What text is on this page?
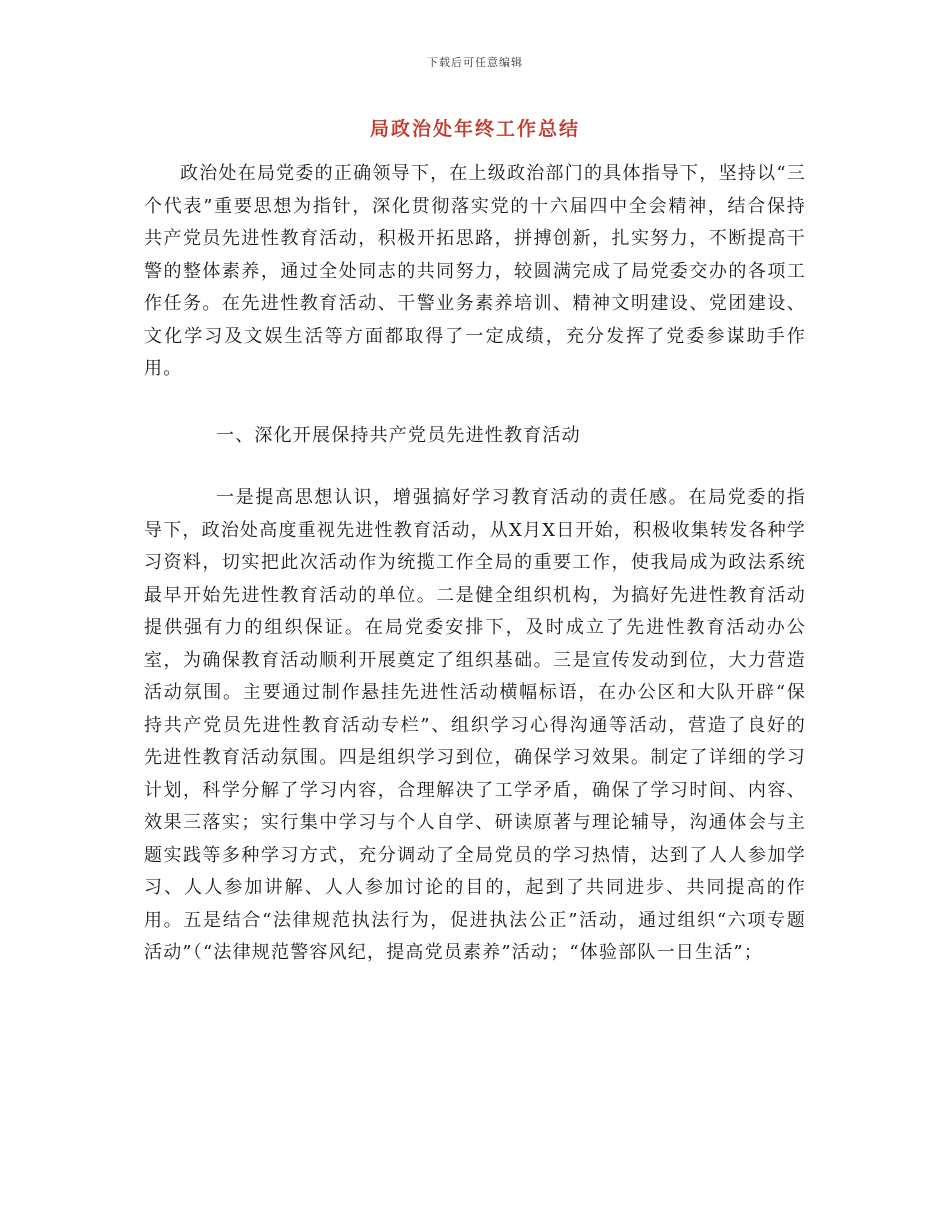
下载后可任意编辑
局政治处年终工作总结

政治处在局党委的正确领导下，在上级政治部门的具体指导下，坚持以“三个代表”重要思想为指针，深化贯彻落实党的十六届四中全会精神，结合保持共产党员先进性教育活动，积极开拓思路，拼搏创新，扎实努力，不断提高干警的整体素养，通过全处同志的共同努力，较圆满完成了局党委交办的各项工作任务。在先进性教育活动、干警业务素养培训、精神文明建设、党团建设、文化学习及文娱生活等方面都取得了一定成绩，充分发挥了党委参谋助手作用。

一、深化开展保持共产党员先进性教育活动

一是提高思想认识，增强搞好学习教育活动的责任感。在局党委的指导下，政治处高度重视先进性教育活动，从X月X日开始，积极收集转发各种学习资料，切实把此次活动作为统揽工作全局的重要工作，使我局成为政法系统最早开始先进性教育活动的单位。二是健全组织机构，为搞好先进性教育活动提供强有力的组织保证。在局党委安排下，及时成立了先进性教育活动办公室，为确保教育活动顺利开展奠定了组织基础。三是宣传发动到位，大力营造活动氛围。主要通过制作悬挂先进性活动横幅标语，在办公区和大队开辟“保持共产党员先进性教育活动专栏”、组织学习心得沟通等活动，营造了良好的先进性教育活动氛围。四是组织学习到位，确保学习效果。制定了详细的学习计划，科学分解了学习内容，合理解决了工学矛盾，确保了学习时间、内容、效果三落实；实行集中学习与个人自学、研读原著与理论辅导，沟通体会与主题实践等多种学习方式，充分调动了全局党员的学习热情，达到了人人参加学习、人人参加讲解、人人参加讨论的目的，起到了共同进步、共同提高的作用。五是结合“法律规范执法行为，促进执法公正”活动，通过组织“六项专题活动”（“法律规范警容风纪，提高党员素养”活动；“体验部队一日生活”；
